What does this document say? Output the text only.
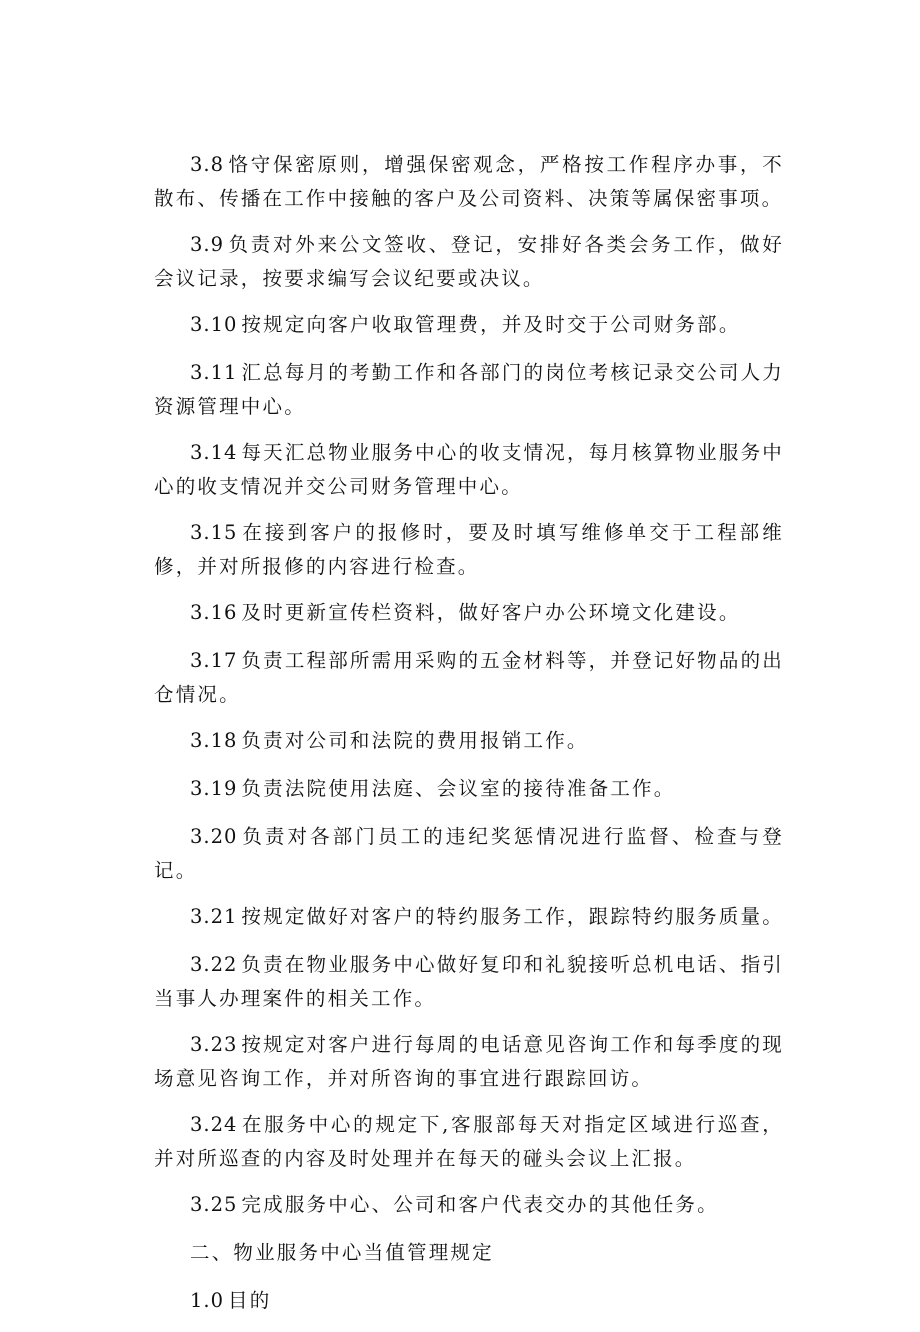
3.8 恪守保密原则，增强保密观念，严格按工作程序办事，不散布、传播在工作中接触的客户及公司资料、决策等属保密事项。

3.9 负责对外来公文签收、登记，安排好各类会务工作，做好会议记录，按要求编写会议纪要或决议。

3.10 按规定向客户收取管理费，并及时交于公司财务部。

3.11 汇总每月的考勤工作和各部门的岗位考核记录交公司人力资源管理中心。

3.14 每天汇总物业服务中心的收支情况，每月核算物业服务中心的收支情况并交公司财务管理中心。

3.15 在接到客户的报修时，要及时填写维修单交于工程部维修，并对所报修的内容进行检查。

3.16 及时更新宣传栏资料，做好客户办公环境文化建设。

3.17 负责工程部所需用采购的五金材料等，并登记好物品的出仓情况。

3.18 负责对公司和法院的费用报销工作。

3.19 负责法院使用法庭、会议室的接待准备工作。

3.20 负责对各部门员工的违纪奖惩情况进行监督、检查与登记。

3.21 按规定做好对客户的特约服务工作，跟踪特约服务质量。

3.22 负责在物业服务中心做好复印和礼貌接听总机电话、指引当事人办理案件的相关工作。

3.23 按规定对客户进行每周的电话意见咨询工作和每季度的现场意见咨询工作，并对所咨询的事宜进行跟踪回访。

3.24 在服务中心的规定下,客服部每天对指定区域进行巡查，并对所巡查的内容及时处理并在每天的碰头会议上汇报。

3.25 完成服务中心、公司和客户代表交办的其他任务。

二、物业服务中心当值管理规定

1.0 目的
